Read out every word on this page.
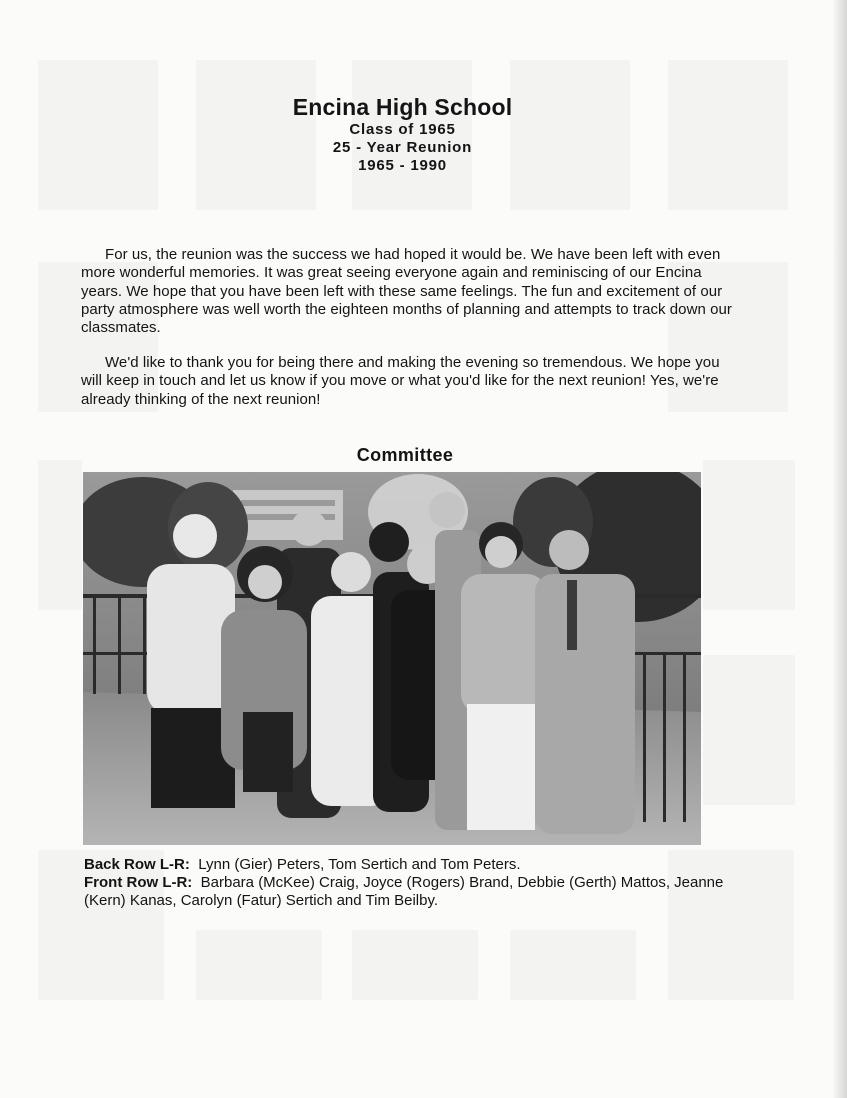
Encina High School
Class of 1965
25 - Year Reunion
1965 - 1990
For us, the reunion was the success we had hoped it would be. We have been left with even more wonderful memories. It was great seeing everyone again and reminiscing of our Encina years. We hope that you have been left with these same feelings. The fun and excitement of our party atmosphere was well worth the eighteen months of planning and attempts to track down our classmates.
We'd like to thank you for being there and making the evening so tremendous. We hope you will keep in touch and let us know if you move or what you'd like for the next reunion! Yes, we're already thinking of the next reunion!
Committee
Back Row L-R: Lynn (Gier) Peters, Tom Sertich and Tom Peters.
Front Row L-R: Barbara (McKee) Craig, Joyce (Rogers) Brand, Debbie (Gerth) Mattos, Jeanne (Kern) Kanas, Carolyn (Fatur) Sertich and Tim Beilby.
